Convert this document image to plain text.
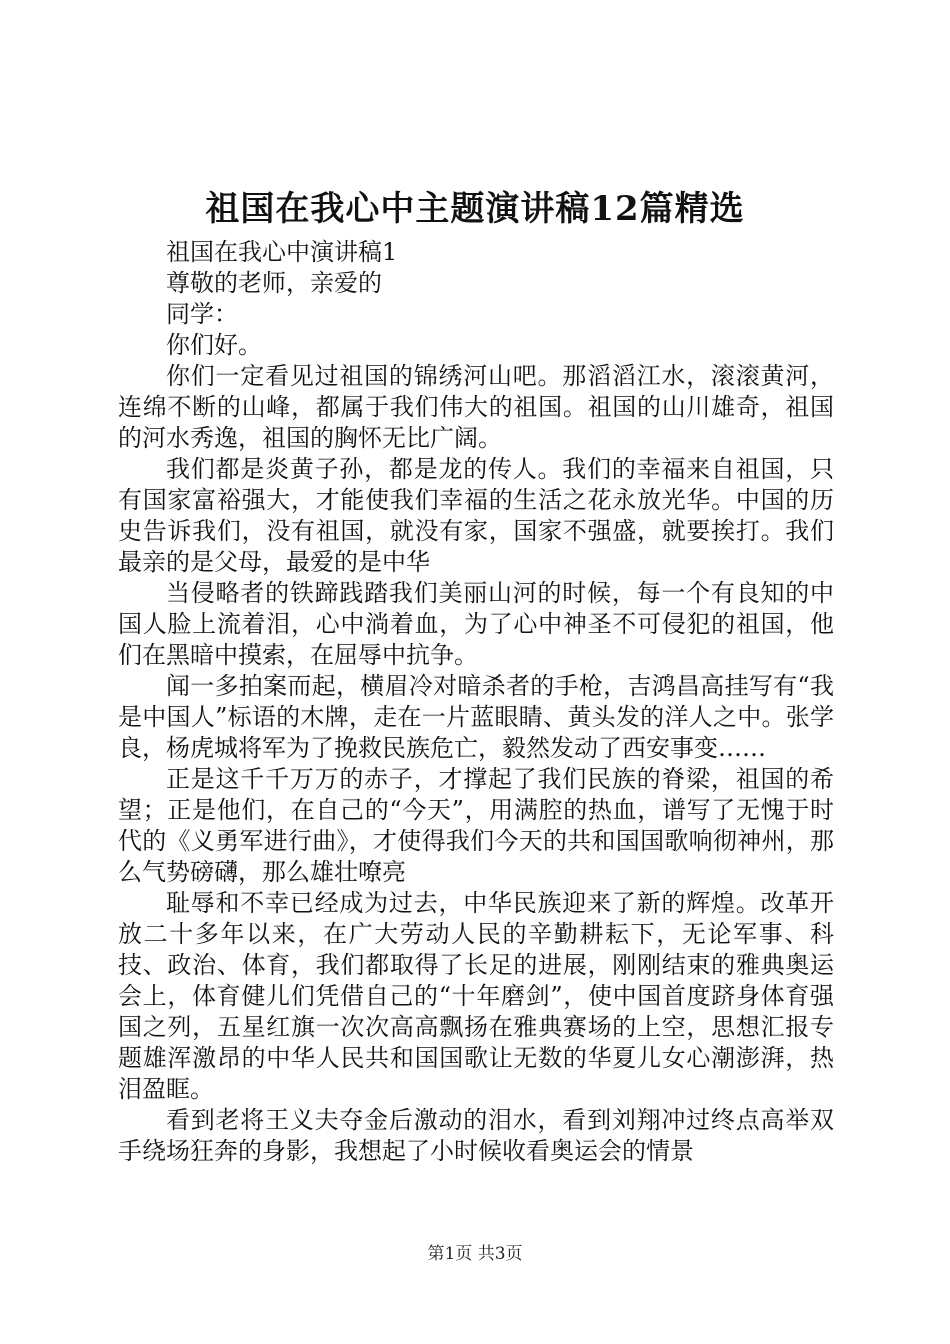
祖国在我心中主题演讲稿12篇精选

祖国在我心中演讲稿1

尊敬的老师，亲爱的

同学：

你们好。

你们一定看见过祖国的锦绣河山吧。那滔滔江水，滚滚黄河，连绵不断的山峰，都属于我们伟大的祖国。祖国的山川雄奇，祖国的河水秀逸，祖国的胸怀无比广阔。

我们都是炎黄子孙，都是龙的传人。我们的幸福来自祖国，只有国家富裕强大，才能使我们幸福的生活之花永放光华。中国的历史告诉我们，没有祖国，就没有家，国家不强盛，就要挨打。我们最亲的是父母，最爱的是中华

当侵略者的铁蹄践踏我们美丽山河的时候，每一个有良知的中国人脸上流着泪，心中淌着血，为了心中神圣不可侵犯的祖国，他们在黑暗中摸索，在屈辱中抗争。

闻一多拍案而起，横眉冷对暗杀者的手枪，吉鸿昌高挂写有“我是中国人”标语的木牌，走在一片蓝眼睛、黄头发的洋人之中。张学良，杨虎城将军为了挽救民族危亡，毅然发动了西安事变……

正是这千千万万的赤子，才撑起了我们民族的脊梁，祖国的希望；正是他们，在自己的“今天”，用满腔的热血，谱写了无愧于时代的《义勇军进行曲》，才使得我们今天的共和国国歌响彻神州，那么气势磅礴，那么雄壮嘹亮

耻辱和不幸已经成为过去，中华民族迎来了新的辉煌。改革开放二十多年以来，在广大劳动人民的辛勤耕耘下，无论军事、科技、政治、体育，我们都取得了长足的进展，刚刚结束的雅典奥运会上，体育健儿们凭借自己的“十年磨剑”，使中国首度跻身体育强国之列，五星红旗一次次高高飘扬在雅典赛场的上空，思想汇报专题雄浑激昂的中华人民共和国国歌让无数的华夏儿女心潮澎湃，热泪盈眶。

看到老将王义夫夺金后激动的泪水，看到刘翔冲过终点高举双手绕场狂奔的身影，我想起了小时候收看奥运会的情景

第1页 共3页
